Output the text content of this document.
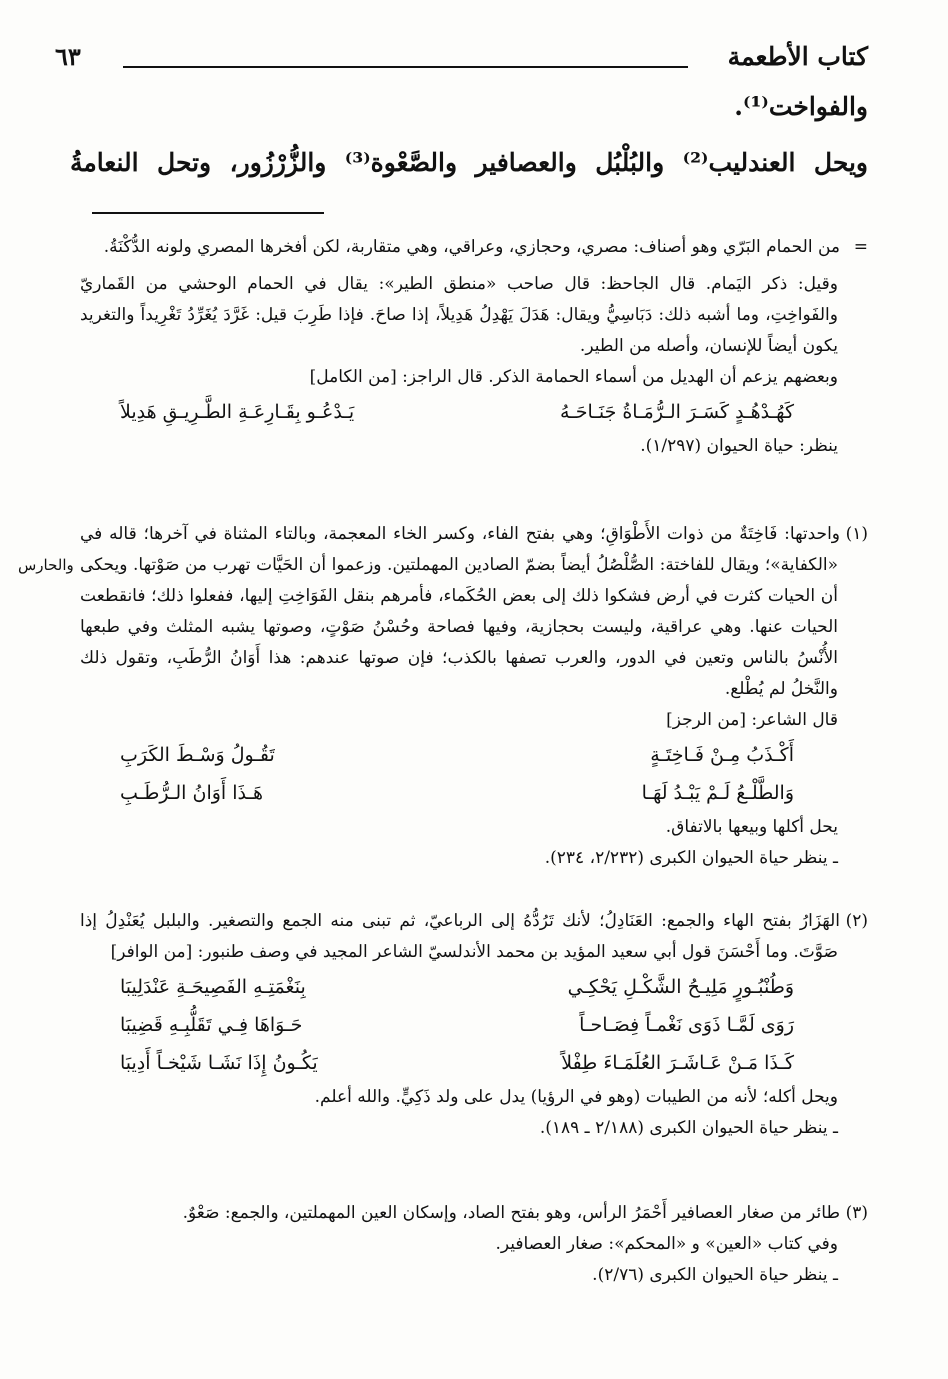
كتاب الأطعمة
٦٣
والفواخت⁽¹⁾.
ويحل العندليب⁽²⁾ والبُلْبُل والعصافير والصَّعْوة⁽³⁾ والزُّرْزُور، وتحل النعامةُ

=من الحمام البَرّي وهو أصناف: مصري، وحجازي، وعراقي، وهي متقاربة، لكن أفخرها المصري ولونه الدُّكْنَةُ.

وقيل: ذكر اليَمام. قال الجاحظ: قال صاحب «منطق الطير»: يقال في الحمام الوحشي من القَماريّ والفَواخِتِ، وما أشبه ذلك: دَبَاسِيُّ ويقال: هَدَلَ يَهْدِلُ هَدِيلاً، إذا صاحَ. فإذا طَرِبَ قيل: غَرَّدَ يُغَرِّدُ تَغْرِيداً والتغريد يكون أيضاً للإنسان، وأصله من الطير.

وبعضهم يزعم أن الهديل من أسماء الحمامة الذكر. قال الراجز: [من الكامل]

كَهُـدْهُـدٍ كَسَـرَ الـرُّمَـاةُ جَنَـاحَـهُ
يَـدْعُـو بِقَـارِعَـةِ الطَّـرِيـقِ هَدِيلاً

ينظر: حياة الحيوان (١/٢٩٧).

(١)واحدتها: فَاخِتَةٌ من ذوات الأَطْوَاقِ؛ وهي بفتح الفاء، وكسر الخاء المعجمة، وبالتاء المثناة في آخرها؛ قاله في «الكفاية»؛ ويقال للفاختة: الصُّلْصُلُ أيضاً بضمّ الصادين المهملتين. وزعموا أن الحَيَّات تهرب من صَوْتها. ويحكى أن الحيات كثرت في أرض فشكوا ذلك إلى بعض الحُكَماء، فأمرهم بنقل الفَوَاخِتِ إليها، ففعلوا ذلك؛ فانقطعت الحيات عنها. وهي عراقية، وليست بحجازية، وفيها فصاحة وحُسْنُ صَوْتٍ، وصوتها يشبه المثلث وفي طبعها الأُنْسُ بالناس وتعين في الدور، والعرب تصفها بالكذب؛ فإن صوتها عندهم: هذا أَوَانُ الرُّطَبِ، وتقول ذلك والنَّخلُ لم يُطْلع.

قال الشاعر: [من الرجز]

أَكْـذَبُ مِـنْ فَـاخِتَـةٍ
تَقُـولُ وَسْـطَ الكَرَبِ
وَالطَّلْـعُ لَـمْ يَبْـدُ لَهَـا
هَـذَا أَوَانُ الـرُّطَـبِ

يحل أكلها وبيعها بالاتفاق.

ـ ينظر حياة الحيوان الكبرى (٢/٢٣٢، ٢٣٤).

(٢)الهَزَارُ بفتح الهاء والجمع: العَنَادِلُ؛ لأنك تَرُدُّهُ إلى الرباعيّ، ثم تبنى منه الجمع والتصغير. والبلبل يُعَنْدِلُ إذا صَوَّتَ. وما أَحْسَنَ قول أبي سعيد المؤيد بن محمد الأندلسيّ الشاعر المجيد في وصف طنبور: [من الوافر]

وَطُنْبُـورٍ مَلِيـحُ الشَّكْـلِ يَحْكِـي
بِنَغْمَتِـهِ الفَصِيحَـةِ عَنْدَلِيبَا
رَوَى لَمَّـا ذَوَى نَغْمـاً فِصَـاحـاً
حَـوَاهَا فِـي تَقَلُّبِـهِ قَضِيبَا
كَـذَا مَـنْ عَـاشَـرَ العُلَمَـاءَ طِفْلاً
يَكُـونُ إِذَا نَشَـا شَيْخـاً أَدِيبَا

ويحل أكله؛ لأنه من الطيبات (وهو في الرؤيا) يدل على ولد ذَكِيٍّ. والله أعلم.

ـ ينظر حياة الحيوان الكبرى (٢/١٨٨ ـ ١٨٩).

(٣)طائر من صغار العصافير أَحْمَرُ الرأس، وهو بفتح الصاد، وإسكان العين المهملتين، والجمع: صَعْوٌ.

وفي كتاب «العين» و «المحكم»: صغار العصافير.

ـ ينظر حياة الحيوان الكبرى (٢/٧٦).

والحارس
